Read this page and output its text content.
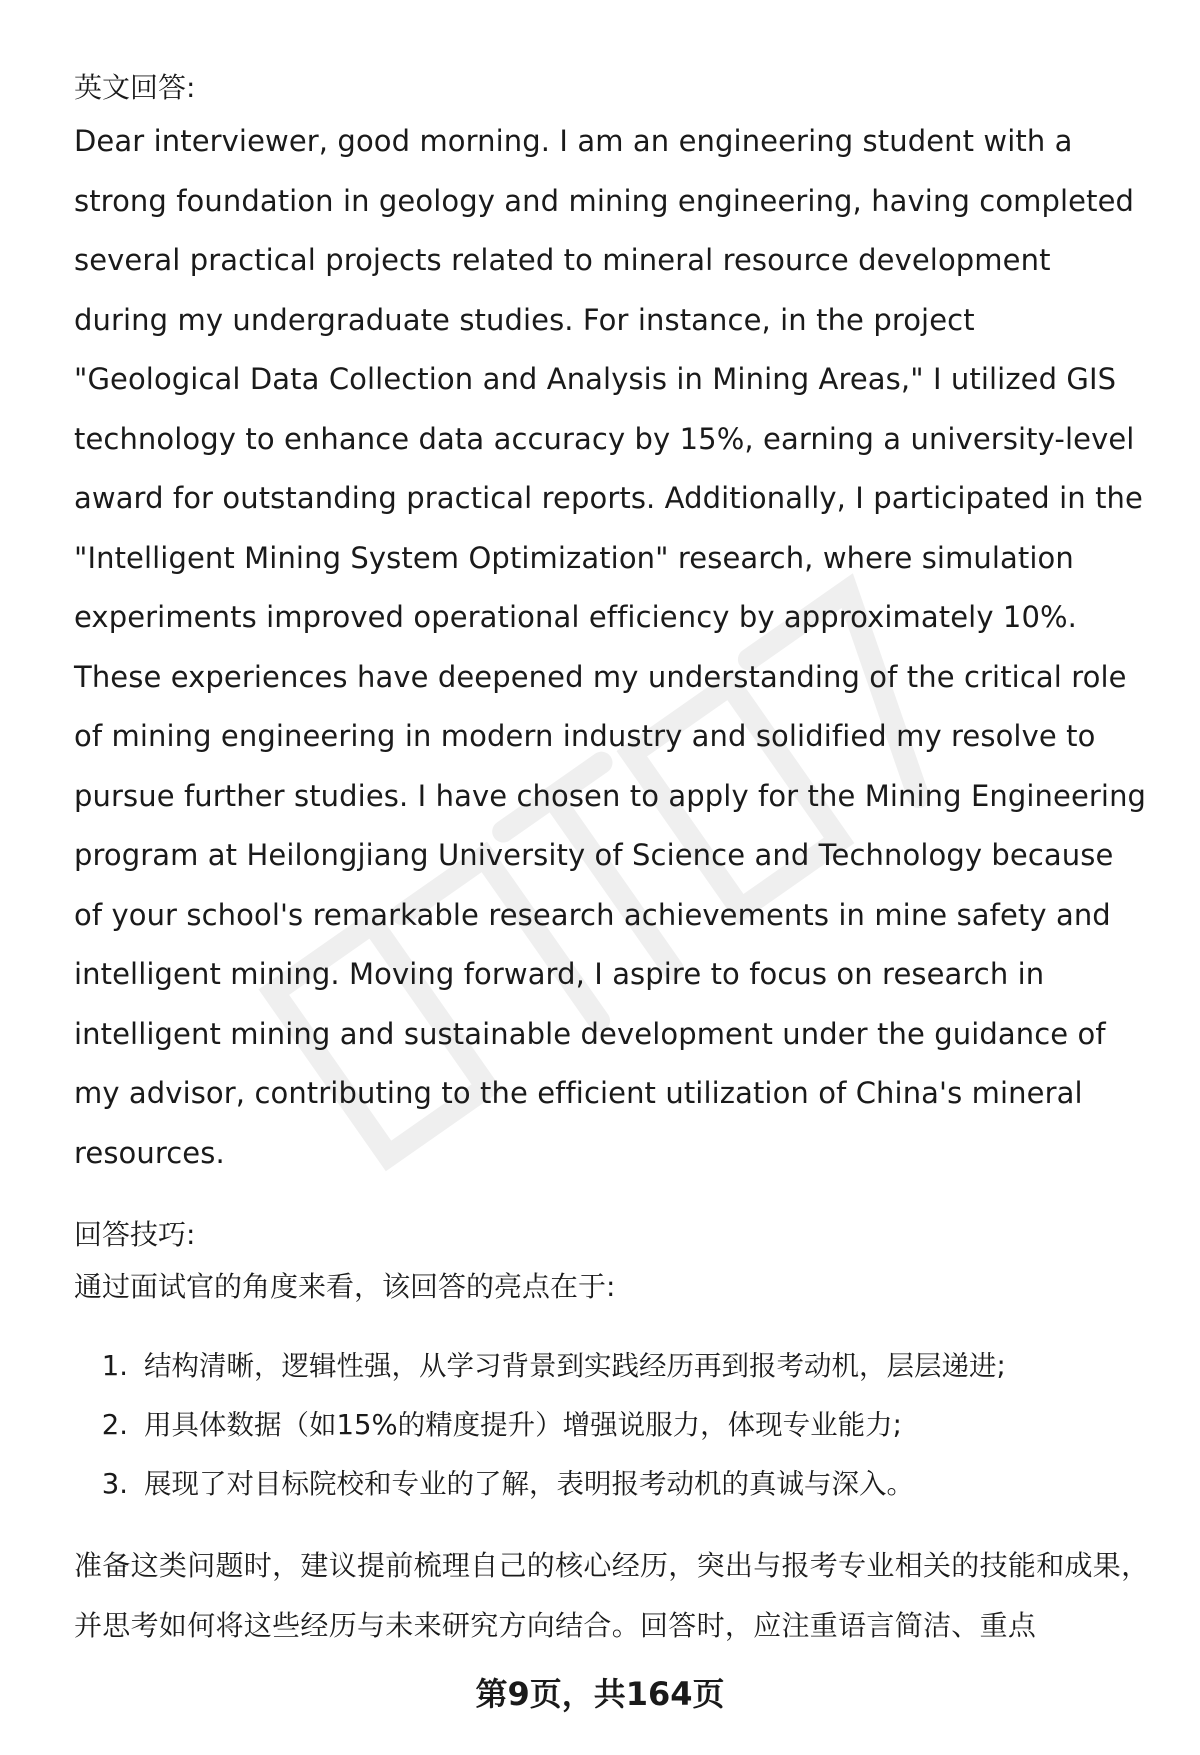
英文回答:

Dear interviewer, good morning. I am an engineering student with a strong foundation in geology and mining engineering, having completed several practical projects related to mineral resource development during my undergraduate studies. For instance, in the project "Geological Data Collection and Analysis in Mining Areas," I utilized GIS technology to enhance data accuracy by 15%, earning a university-level award for outstanding practical reports. Additionally, I participated in the "Intelligent Mining System Optimization" research, where simulation experiments improved operational efficiency by approximately 10%. These experiences have deepened my understanding of the critical role of mining engineering in modern industry and solidified my resolve to pursue further studies. I have chosen to apply for the Mining Engineering program at Heilongjiang University of Science and Technology because of your school's remarkable research achievements in mine safety and intelligent mining. Moving forward, I aspire to focus on research in intelligent mining and sustainable development under the guidance of my advisor, contributing to the efficient utilization of China's mineral resources.

回答技巧:

通过面试官的角度来看，该回答的亮点在于:

1. 结构清晰，逻辑性强，从学习背景到实践经历再到报考动机，层层递进;
2. 用具体数据（如15%的精度提升）增强说服力，体现专业能力;
3. 展现了对目标院校和专业的了解，表明报考动机的真诚与深入。

准备这类问题时，建议提前梳理自己的核心经历，突出与报考专业相关的技能和成果，并思考如何将这些经历与未来研究方向结合。回答时，应注重语言简洁、重点

第9页，共164页
